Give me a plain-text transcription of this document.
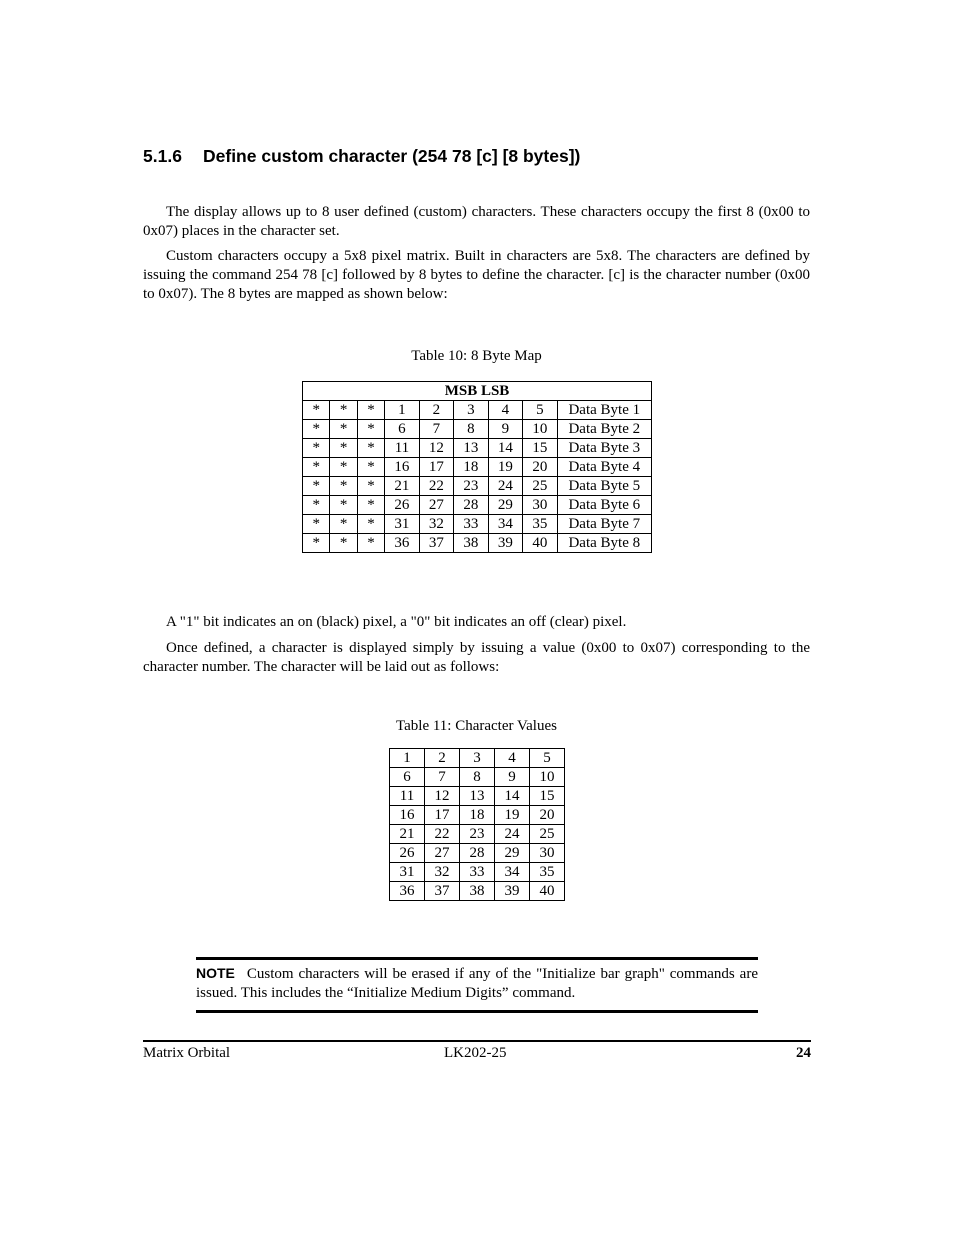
5.1.6 Define custom character (254 78 [c] [8 bytes])

The display allows up to 8 user defined (custom) characters. These characters occupy the first 8 (0x00 to 0x07) places in the character set.

Custom characters occupy a 5x8 pixel matrix. Built in characters are 5x8. The characters are defined by issuing the command 254 78 [c] followed by 8 bytes to define the character. [c] is the character number (0x00 to 0x07). The 8 bytes are mapped as shown below:

Table 10: 8 Byte Map
MSB LSB								
*	*	*	1	2	3	4	5	Data Byte 1
*	*	*	6	7	8	9	10	Data Byte 2
*	*	*	11	12	13	14	15	Data Byte 3
*	*	*	16	17	18	19	20	Data Byte 4
*	*	*	21	22	23	24	25	Data Byte 5
*	*	*	26	27	28	29	30	Data Byte 6
*	*	*	31	32	33	34	35	Data Byte 7
*	*	*	36	37	38	39	40	Data Byte 8

A "1" bit indicates an on (black) pixel, a "0" bit indicates an off (clear) pixel.

Once defined, a character is displayed simply by issuing a value (0x00 to 0x07) corresponding to the character number. The character will be laid out as follows:

Table 11: Character Values
1	2	3	4	5
6	7	8	9	10
11	12	13	14	15
16	17	18	19	20
21	22	23	24	25
26	27	28	29	30
31	32	33	34	35
36	37	38	39	40

NOTE Custom characters will be erased if any of the "Initialize bar graph" commands are issued. This includes the “Initialize Medium Digits” command.

Matrix Orbital	LK202-25	24
